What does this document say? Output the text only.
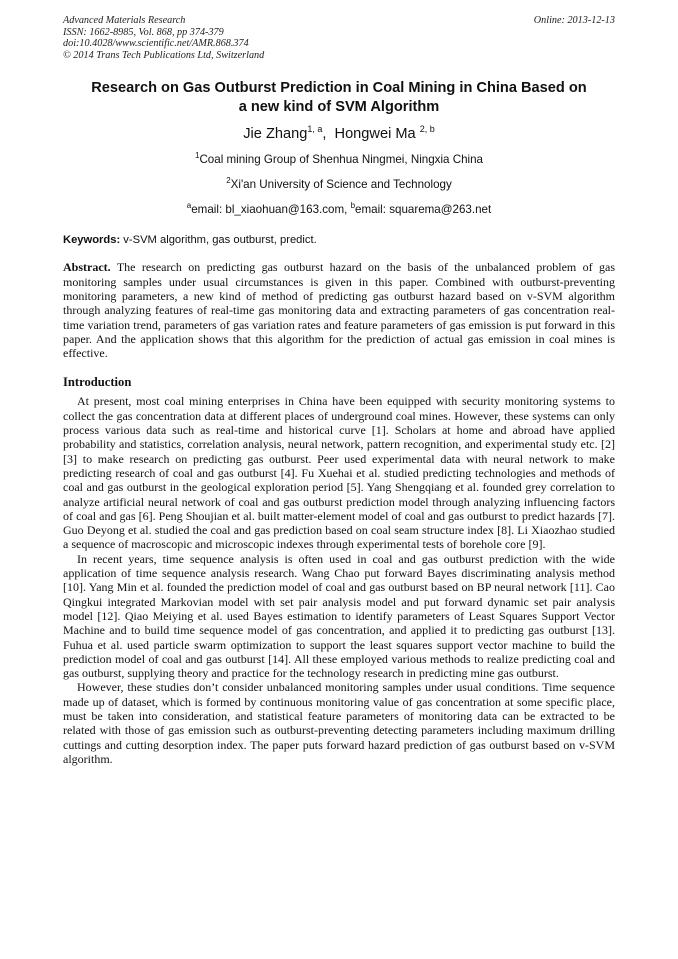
Advanced Materials Research
ISSN: 1662-8985, Vol. 868, pp 374-379
doi:10.4028/www.scientific.net/AMR.868.374
© 2014 Trans Tech Publications Ltd, Switzerland
Online: 2013-12-13
Research on Gas Outburst Prediction in Coal Mining in China Based on
a new kind of SVM Algorithm
Jie Zhang$^{1, a}$,  Hongwei Ma $^{2, b}$
$^1$Coal mining Group of Shenhua Ningmei, Ningxia China
$^2$Xi'an University of Science and Technology
$^a$email: bl_xiaohuan@163.com, $^b$email: squarema@263.net
Keywords: v-SVM algorithm, gas outburst, predict.
Abstract. The research on predicting gas outburst hazard on the basis of the unbalanced problem of gas monitoring samples under usual circumstances is given in this paper. Combined with outburst-preventing monitoring parameters, a new kind of method of predicting gas outburst hazard based on v-SVM algorithm through analyzing features of real-time gas monitoring data and extracting parameters of gas concentration real-time variation trend, parameters of gas variation rates and feature parameters of gas emission is put forward in this paper. And the application shows that this algorithm for the prediction of actual gas emission in coal mines is effective.
Introduction

At present, most coal mining enterprises in China have been equipped with security monitoring systems to collect the gas concentration data at different places of underground coal mines. However, these systems can only process various data such as real-time and historical curve [1]. Scholars at home and abroad have applied probability and statistics, correlation analysis, neural network, pattern recognition, and experimental study etc. [2][3] to make research on predicting gas outburst. Peer used experimental data with neural network to make predicting research of coal and gas outburst [4]. Fu Xuehai et al. studied predicting technologies and methods of coal and gas outburst in the geological exploration period [5]. Yang Shengqiang et al. founded grey correlation to analyze artificial neural network of coal and gas outburst prediction model through analyzing influencing factors of coal and gas [6]. Peng Shoujian et al. built matter-element model of coal and gas outburst to predict hazards [7]. Guo Deyong et al. studied the coal and gas prediction based on coal seam structure index [8]. Li Xiaozhao studied a sequence of macroscopic and microscopic indexes through experimental tests of borehole core [9].

In recent years, time sequence analysis is often used in coal and gas outburst prediction with the wide application of time sequence analysis research. Wang Chao put forward Bayes discriminating analysis method [10]. Yang Min et al. founded the prediction model of coal and gas outburst based on BP neural network [11]. Cao Qingkui integrated Markovian model with set pair analysis model and put forward dynamic set pair analysis model [12]. Qiao Meiying et al. used Bayes estimation to identify parameters of Least Squares Support Vector Machine and to build time sequence model of gas concentration, and applied it to predicting gas outburst [13]. Fuhua et al. used particle swarm optimization to support the least squares support vector machine to build the prediction model of coal and gas outburst [14]. All these employed various methods to realize predicting coal and gas outburst, supplying theory and practice for the technology research in predicting mine gas outburst.

However, these studies don’t consider unbalanced monitoring samples under usual conditions. Time sequence made up of dataset, which is formed by continuous monitoring value of gas concentration at some specific place, must be taken into consideration, and statistical feature parameters of monitoring data can be extracted to be related with those of gas emission such as outburst-preventing detecting parameters including maximum drilling cuttings and cutting desorption index. The paper puts forward hazard prediction of gas outburst based on v-SVM algorithm.
